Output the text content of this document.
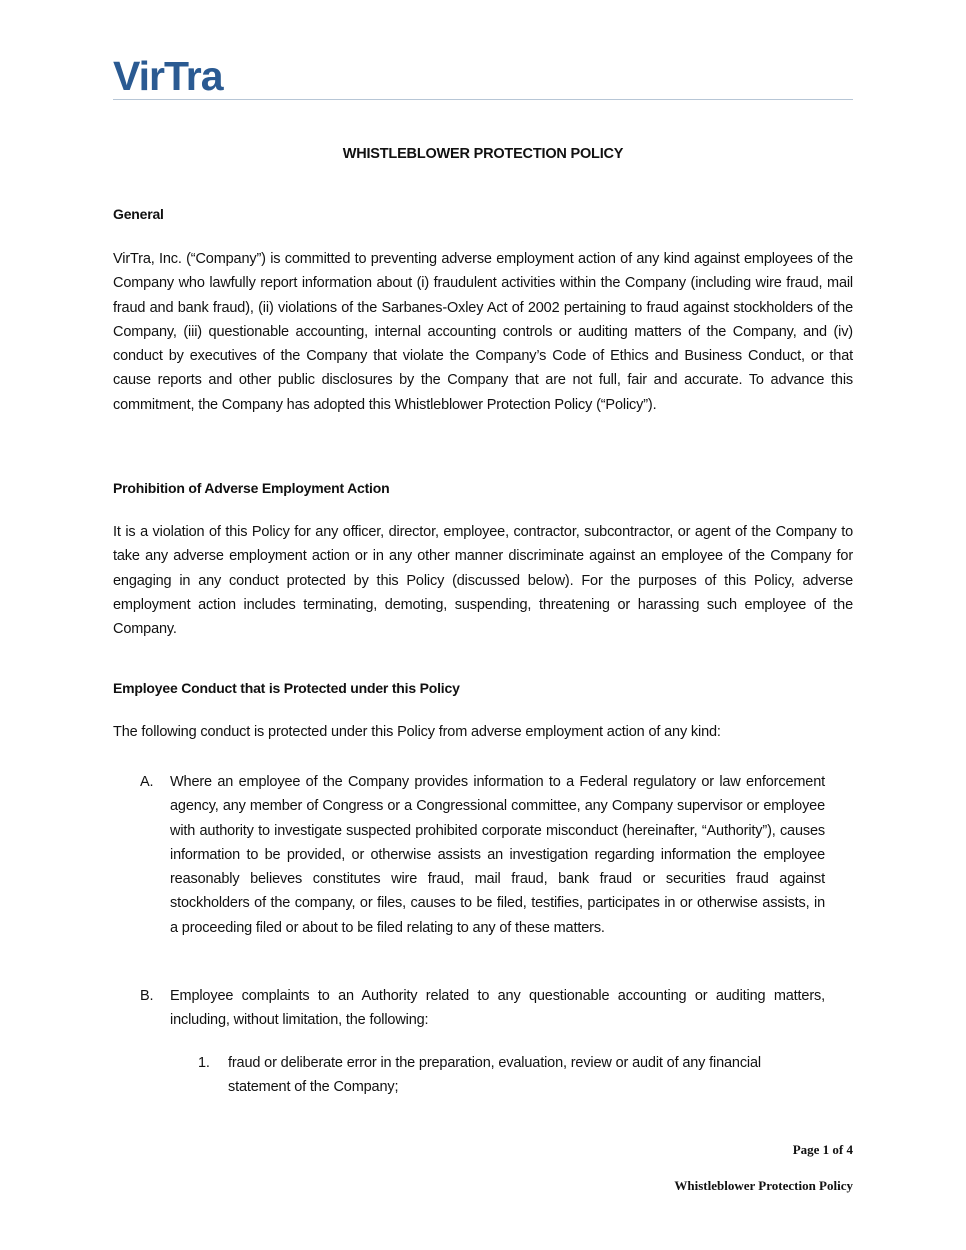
VirTra
WHISTLEBLOWER PROTECTION POLICY
General
VirTra, Inc. (“Company”) is committed to preventing adverse employment action of any kind against employees of the Company who lawfully report information about (i) fraudulent activities within the Company (including wire fraud, mail fraud and bank fraud), (ii) violations of the Sarbanes-Oxley Act of 2002 pertaining to fraud against stockholders of the Company, (iii) questionable accounting, internal accounting controls or auditing matters of the Company, and (iv) conduct by executives of the Company that violate the Company’s Code of Ethics and Business Conduct, or that cause reports and other public disclosures by the Company that are not full, fair and accurate. To advance this commitment, the Company has adopted this Whistleblower Protection Policy (“Policy”).
Prohibition of Adverse Employment Action
It is a violation of this Policy for any officer, director, employee, contractor, subcontractor, or agent of the Company to take any adverse employment action or in any other manner discriminate against an employee of the Company for engaging in any conduct protected by this Policy (discussed below). For the purposes of this Policy, adverse employment action includes terminating, demoting, suspending, threatening or harassing such employee of the Company.
Employee Conduct that is Protected under this Policy
The following conduct is protected under this Policy from adverse employment action of any kind:
A. Where an employee of the Company provides information to a Federal regulatory or law enforcement agency, any member of Congress or a Congressional committee, any Company supervisor or employee with authority to investigate suspected prohibited corporate misconduct (hereinafter, “Authority”), causes information to be provided, or otherwise assists an investigation regarding information the employee reasonably believes constitutes wire fraud, mail fraud, bank fraud or securities fraud against stockholders of the company, or files, causes to be filed, testifies, participates in or otherwise assists, in a proceeding filed or about to be filed relating to any of these matters.
B. Employee complaints to an Authority related to any questionable accounting or auditing matters, including, without limitation, the following:
1. fraud or deliberate error in the preparation, evaluation, review or audit of any financial statement of the Company;
Page 1 of 4
Whistleblower Protection Policy
